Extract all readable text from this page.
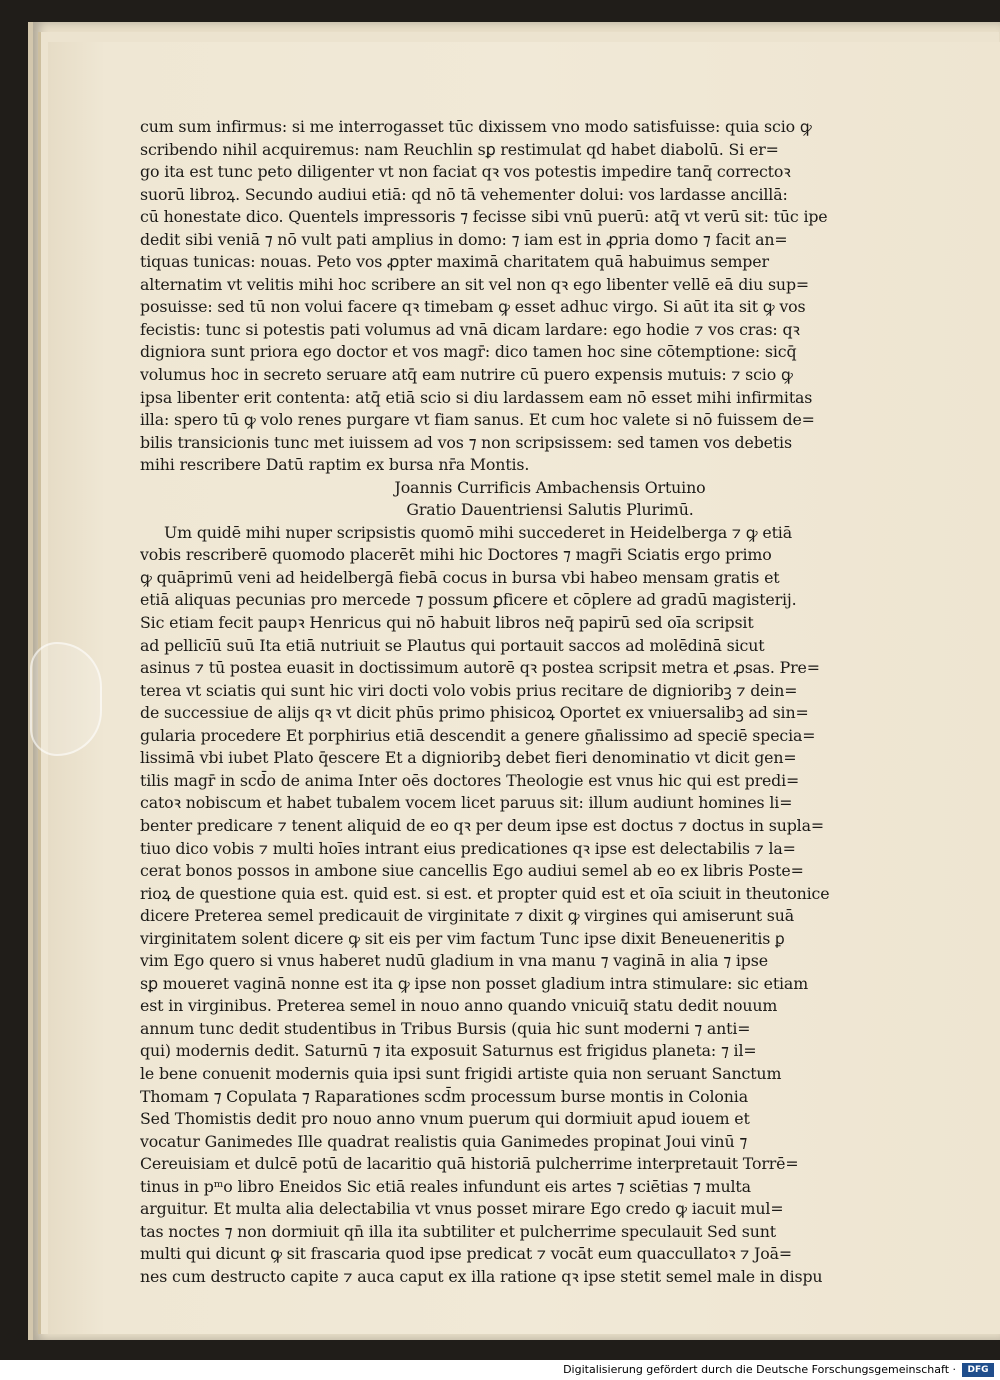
cum sum infirmus: si me interrogasset tūc dixissem vno modo satisfuisse: quia scio ꝙ
scribendo nihil acquiremus: nam Reuchlin sꝑ restimulat qd habet diabolū. Si er=
go ita est tunc peto diligenter vt non faciat qꝛ vos potestis impedire tanq̄ correctoꝛ
suorū libroꝝ. Secundo audiui etiā: qd nō tā vehementer dolui: vos lardasse ancillā:
cū honestate dico. Quentels impressoris ⁊ fecisse sibi vnū puerū: atq̄ vt verū sit: tūc ipe
dedit sibi veniā ⁊ nō vult pati amplius in domo: ⁊ iam est in ꝓpria domo ⁊ facit an=
tiquas tunicas: nouas. Peto vos ꝓpter maximā charitatem quā habuimus semper
alternatim vt velitis mihi hoc scribere an sit vel non qꝛ ego libenter vellē eā diu sup=
posuisse: sed tū non volui facere qꝛ timebam ꝙ esset adhuc virgo. Si aūt ita sit ꝙ vos
fecistis: tunc si potestis pati volumus ad vnā dicam lardare: ego hodie ⁊ vos cras: qꝛ
digniora sunt priora ego doctor et vos magr̄: dico tamen hoc sine cōtemptione: sicq̄
volumus hoc in secreto seruare atq̄ eam nutrire cū puero expensis mutuis: ⁊ scio ꝙ
ipsa libenter erit contenta: atq̄ etiā scio si diu lardassem eam nō esset mihi infirmitas
illa: spero tū ꝙ volo renes purgare vt fiam sanus. Et cum hoc valete si nō fuissem de=
bilis transicionis tunc met iuissem ad vos ⁊ non scripsissem: sed tamen vos debetis
mihi rescribere Datū raptim ex bursa nr̄a Montis.
Joannis Currificis Ambachensis Ortuino
Gratio Dauentriensi Salutis Plurimū.
Um quidē mihi nuper scripsistis quomō mihi succederet in Heidelberga ⁊ ꝙ etiā
vobis rescriberē quomodo placerēt mihi hic Doctores ⁊ magr̄i Sciatis ergo primo
ꝙ quāprimū veni ad heidelbergā fiebā cocus in bursa vbi habeo mensam gratis et
etiā aliquas pecunias pro mercede ⁊ possum ꝑficere et cōplere ad gradū magisterij.
Sic etiam fecit paupꝛ Henricus qui nō habuit libros neq̄ papirū sed oīa scripsit
ad pellicīū suū Ita etiā nutriuit se Plautus qui portauit saccos ad molēdinā sicut
asinus ⁊ tū postea euasit in doctissimum autorē qꝛ postea scripsit metra et ꝓsas. Pre=
terea vt sciatis qui sunt hic viri docti volo vobis prius recitare de dignioribꝫ ⁊ dein=
de successiue de alijs qꝛ vt dicit phūs primo phisicoꝝ Oportet ex vniuersalibꝫ ad sin=
gularia procedere Et porphirius etiā descendit a genere gn̄alissimo ad speciē specia=
lissimā vbi iubet Plato q̄escere Et a dignioribꝫ debet fieri denominatio vt dicit gen=
tilis magr̄ in scd̄o de anima Inter oēs doctores Theologie est vnus hic qui est predi=
catoꝛ nobiscum et habet tubalem vocem licet paruus sit: illum audiunt homines li=
benter predicare ⁊ tenent aliquid de eo qꝛ per deum ipse est doctus ⁊ doctus in supla=
tiuo dico vobis ⁊ multi hoīes intrant eius predicationes qꝛ ipse est delectabilis ⁊ la=
cerat bonos possos in ambone siue cancellis Ego audiui semel ab eo ex libris Poste=
rioꝝ de questione quia est. quid est. si est. et propter quid est et oīa sciuit in theutonice
dicere Preterea semel predicauit de virginitate ⁊ dixit ꝙ virgines qui amiserunt suā
virginitatem solent dicere ꝙ sit eis per vim factum Tunc ipse dixit Beneueneritis ꝑ
vim Ego quero si vnus haberet nudū gladium in vna manu ⁊ vaginā in alia ⁊ ipse
sꝑ moueret vaginā nonne est ita ꝙ ipse non posset gladium intra stimulare: sic etiam
est in virginibus. Preterea semel in nouo anno quando vnicuiq̄ statu dedit nouum
annum tunc dedit studentibus in Tribus Bursis (quia hic sunt moderni ⁊ anti=
qui) modernis dedit. Saturnū ⁊ ita exposuit Saturnus est frigidus planeta: ⁊ il=
le bene conuenit modernis quia ipsi sunt frigidi artiste quia non seruant Sanctum
Thomam ⁊ Copulata ⁊ Raparationes scd̄m processum burse montis in Colonia
Sed Thomistis dedit pro nouo anno vnum puerum qui dormiuit apud iouem et
vocatur Ganimedes Ille quadrat realistis quia Ganimedes propinat Joui vinū ⁊
Cereuisiam et dulcē potū de lacaritio quā historiā pulcherrime interpretauit Torrē=
tinus in pᵐo libro Eneidos Sic etiā reales infundunt eis artes ⁊ sciētias ⁊ multa
arguitur. Et multa alia delectabilia vt vnus posset mirare Ego credo ꝙ iacuit mul=
tas noctes ⁊ non dormiuit qn̄ illa ita subtiliter et pulcherrime speculauit Sed sunt
multi qui dicunt ꝙ sit frascaria quod ipse predicat ⁊ vocāt eum quaccullatoꝛ ⁊ Joā=
nes cum destructo capite ⁊ auca caput ex illa ratione qꝛ ipse stetit semel male in dispu
Digitalisierung gefördert durch die Deutsche Forschungsgemeinschaft ·	DFG
